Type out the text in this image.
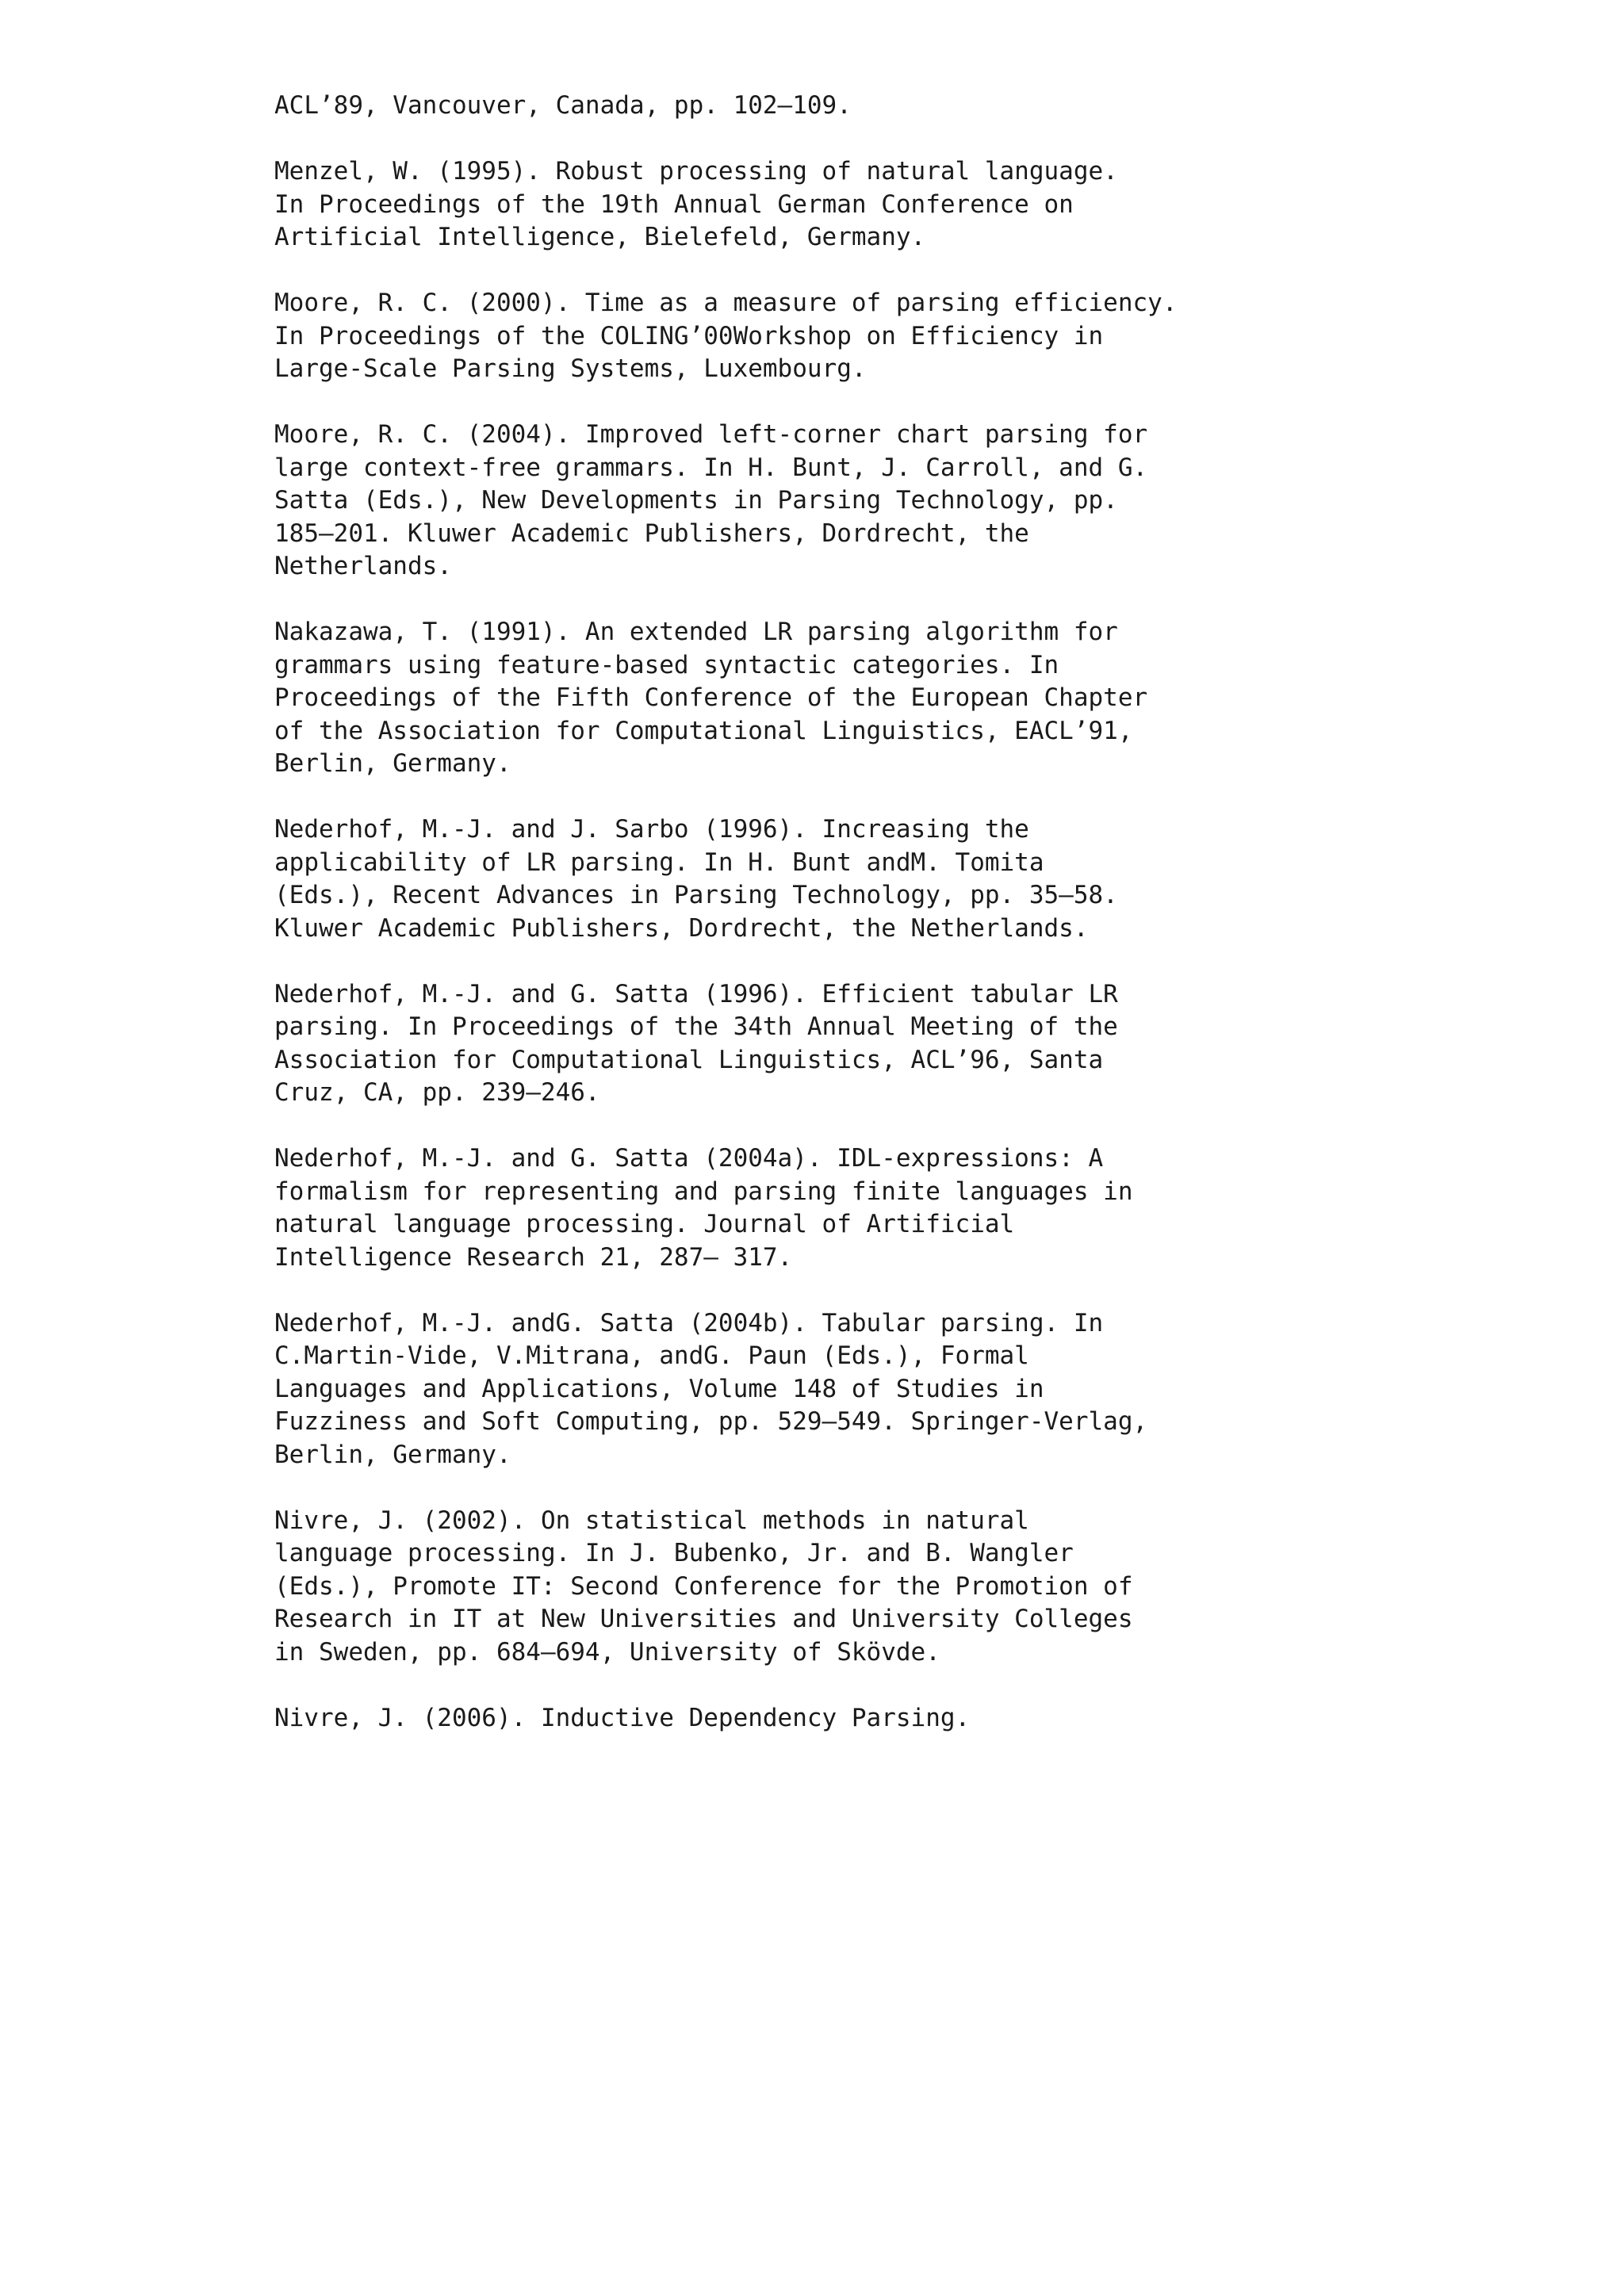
ACL’89, Vancouver, Canada, pp. 102–109.
Menzel, W. (1995). Robust processing of natural language.
In Proceedings of the 19th Annual German Conference on
Artificial Intelligence, Bielefeld, Germany.
Moore, R. C. (2000). Time as a measure of parsing efficiency.
In Proceedings of the COLING’00Workshop on Efficiency in
Large-Scale Parsing Systems, Luxembourg.
Moore, R. C. (2004). Improved left-corner chart parsing for
large context-free grammars. In H. Bunt, J. Carroll, and G.
Satta (Eds.), New Developments in Parsing Technology, pp.
185–201. Kluwer Academic Publishers, Dordrecht, the
Netherlands.
Nakazawa, T. (1991). An extended LR parsing algorithm for
grammars using feature-based syntactic categories. In
Proceedings of the Fifth Conference of the European Chapter
of the Association for Computational Linguistics, EACL’91,
Berlin, Germany.
Nederhof, M.-J. and J. Sarbo (1996). Increasing the
applicability of LR parsing. In H. Bunt andM. Tomita
(Eds.), Recent Advances in Parsing Technology, pp. 35–58.
Kluwer Academic Publishers, Dordrecht, the Netherlands.
Nederhof, M.-J. and G. Satta (1996). Efficient tabular LR
parsing. In Proceedings of the 34th Annual Meeting of the
Association for Computational Linguistics, ACL’96, Santa
Cruz, CA, pp. 239–246.
Nederhof, M.-J. and G. Satta (2004a). IDL-expressions: A
formalism for representing and parsing finite languages in
natural language processing. Journal of Artificial
Intelligence Research 21, 287– 317.
Nederhof, M.-J. andG. Satta (2004b). Tabular parsing. In
C.Martin-Vide, V.Mitrana, andG. Paun (Eds.), Formal
Languages and Applications, Volume 148 of Studies in
Fuzziness and Soft Computing, pp. 529–549. Springer-Verlag,
Berlin, Germany.
Nivre, J. (2002). On statistical methods in natural
language processing. In J. Bubenko, Jr. and B. Wangler
(Eds.), Promote IT: Second Conference for the Promotion of
Research in IT at New Universities and University Colleges
in Sweden, pp. 684–694, University of Skövde.
Nivre, J. (2006). Inductive Dependency Parsing.
